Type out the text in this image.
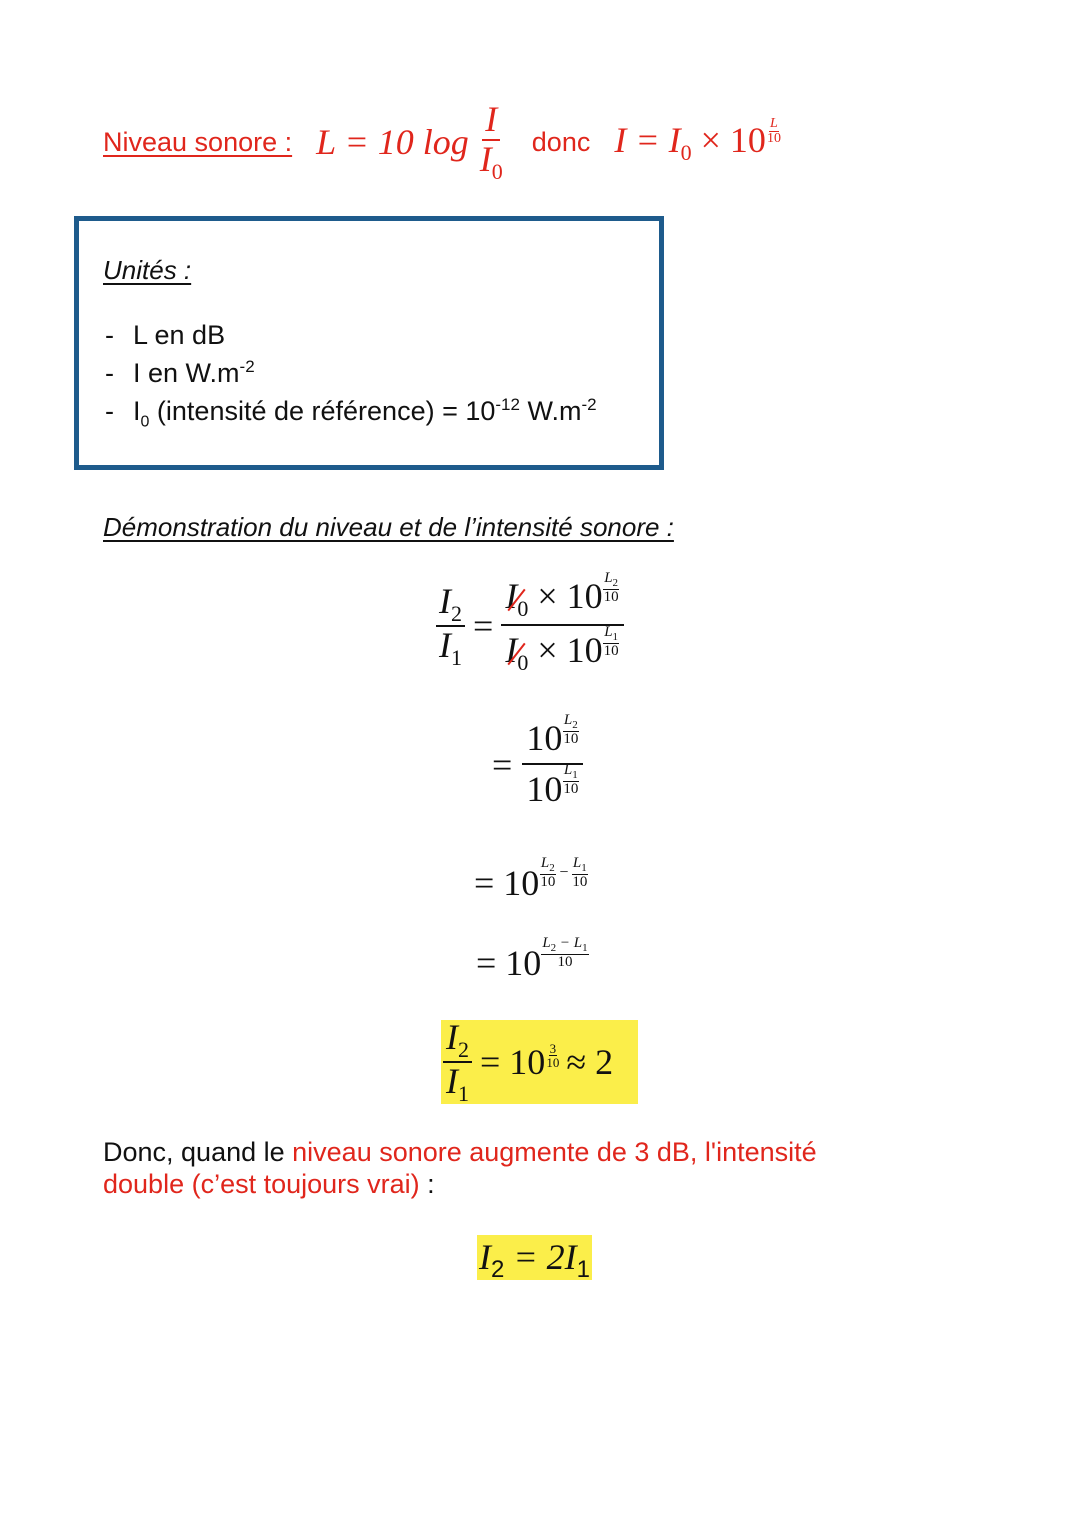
Niveau sonore : L = 10 $\log \frac{I}{I_0}$ donc $I = I_0 \times 10 \frac{L}{10}$
Unités :
- L en dB
- I en $W.m^{-2}$
- $I_0$ (intensité de référence) = $10^{-12}$ $W.m^{-2}$
Démonstration du niveau et de l’intensité sonore :
$\frac{I_2}{I_1} = \frac{I_0 \times 10 \frac{L_2}{10}}{I_0 \times 10 \frac{L_1}{10}}$
= $\frac{10 \frac{L_2}{10}}{10 \frac{L_1}{10}}$
= $10 \frac{L_2}{10} - \frac{L_1}{10}$
= $10 \frac{L_2 - L_1}{10}$
$\frac{I_2}{I_1} = 10 \frac{3}{10} \approx 2$
Donc, quand le niveau sonore augmente de 3 dB, l'intensité
double (c’est toujours vrai) :
$I_2 = 2I_1$
